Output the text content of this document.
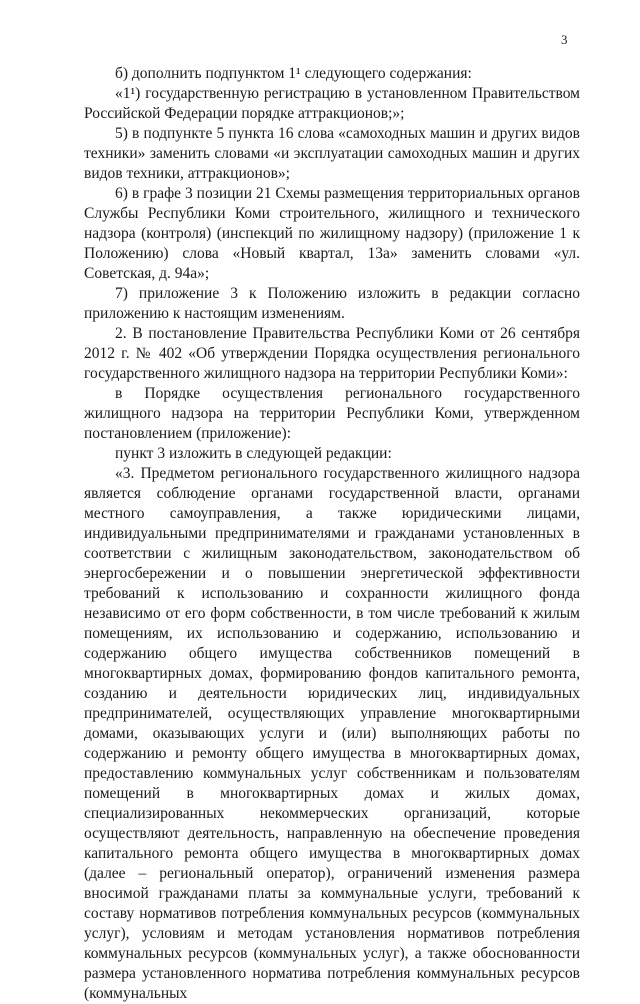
3

б) дополнить подпунктом 1¹ следующего содержания:

«1¹) государственную регистрацию в установленном Правительством Российской Федерации порядке аттракционов;»;

5) в подпункте 5 пункта 16 слова «самоходных машин и других видов техники» заменить словами «и эксплуатации самоходных машин и других видов техники, аттракционов»;

6) в графе 3 позиции 21 Схемы размещения территориальных органов Службы Республики Коми строительного, жилищного и технического надзора (контроля) (инспекций по жилищному надзору) (приложение 1 к Положению) слова «Новый квартал, 13а» заменить словами «ул. Советская, д. 94а»;

7) приложение 3 к Положению изложить в редакции согласно приложению к настоящим изменениям.

2. В постановление Правительства Республики Коми от 26 сентября 2012 г. № 402 «Об утверждении Порядка осуществления регионального государственного жилищного надзора на территории Республики Коми»:

в Порядке осуществления регионального государственного жилищного надзора на территории Республики Коми, утвержденном постановлением (приложение):

пункт 3 изложить в следующей редакции:

«3. Предметом регионального государственного жилищного надзора является соблюдение органами государственной власти, органами местного самоуправления, а также юридическими лицами, индивидуальными предпринимателями и гражданами установленных в соответствии с жилищным законодательством, законодательством об энергосбережении и о повышении энергетической эффективности требований к использованию и сохранности жилищного фонда независимо от его форм собственности, в том числе требований к жилым помещениям, их использованию и содержанию, использованию и содержанию общего имущества собственников помещений в многоквартирных домах, формированию фондов капитального ремонта, созданию и деятельности юридических лиц, индивидуальных предпринимателей, осуществляющих управление многоквартирными домами, оказывающих услуги и (или) выполняющих работы по содержанию и ремонту общего имущества в многоквартирных домах, предоставлению коммунальных услуг собственникам и пользователям помещений в многоквартирных домах и жилых домах, специализированных некоммерческих организаций, которые осуществляют деятельность, направленную на обеспечение проведения капитального ремонта общего имущества в многоквартирных домах (далее – региональный оператор), ограничений изменения размера вносимой гражданами платы за коммунальные услуги, требований к составу нормативов потребления коммунальных ресурсов (коммунальных услуг), условиям и методам установления нормативов потребления коммунальных ресурсов (коммунальных услуг), а также обоснованности размера установленного норматива потребления коммунальных ресурсов (коммунальных
